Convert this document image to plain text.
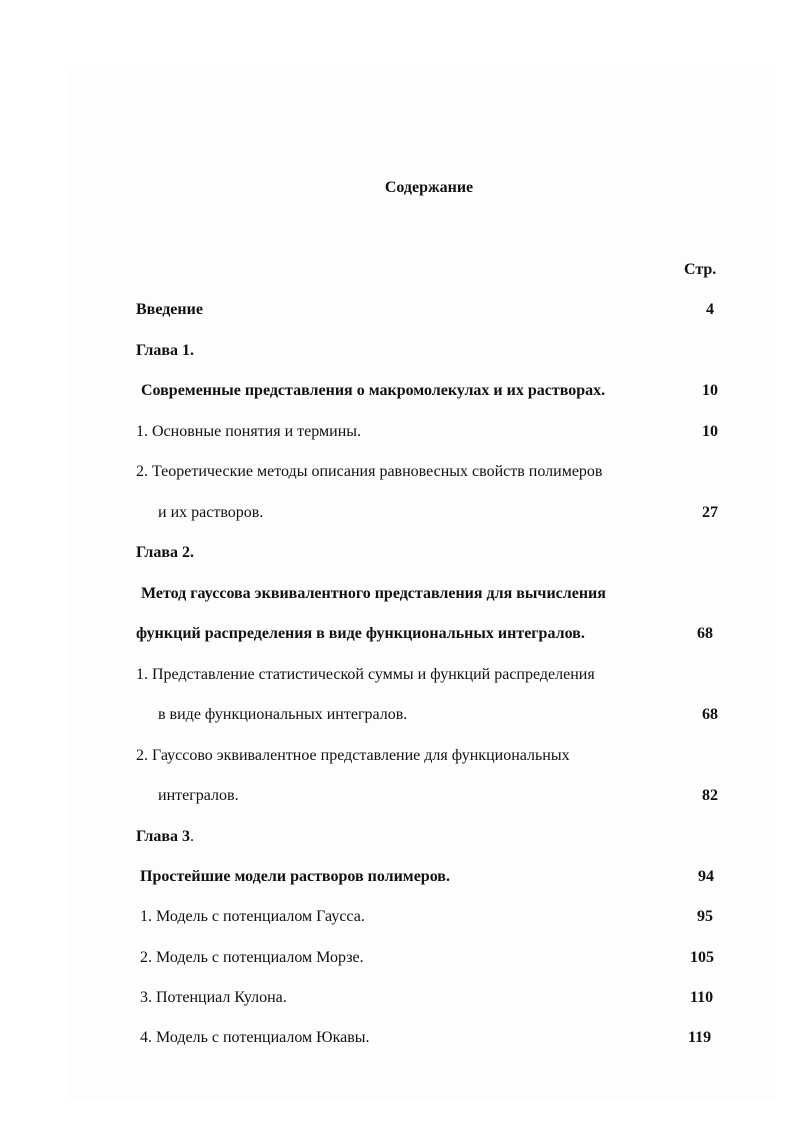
Содержание
Стр.
Введение	4
Глава 1.
Современные представления о макромолекулах и их растворах.	10
1. Основные понятия и термины.	10
2. Теоретические методы описания равновесных свойств полимеров
и их растворов.	27
Глава 2.
Метод гауссова эквивалентного представления для вычисления
функций распределения в виде функциональных интегралов.	68
1. Представление статистической суммы и функций распределения
в виде функциональных интегралов.	68
2. Гауссово эквивалентное представление для функциональных
интегралов.	82
Глава 3.
Простейшие модели растворов полимеров.	94
1. Модель с потенциалом Гаусса.	95
2. Модель с потенциалом Морзе.	105
3. Потенциал Кулона.	110
4. Модель с потенциалом Юкавы.	119
